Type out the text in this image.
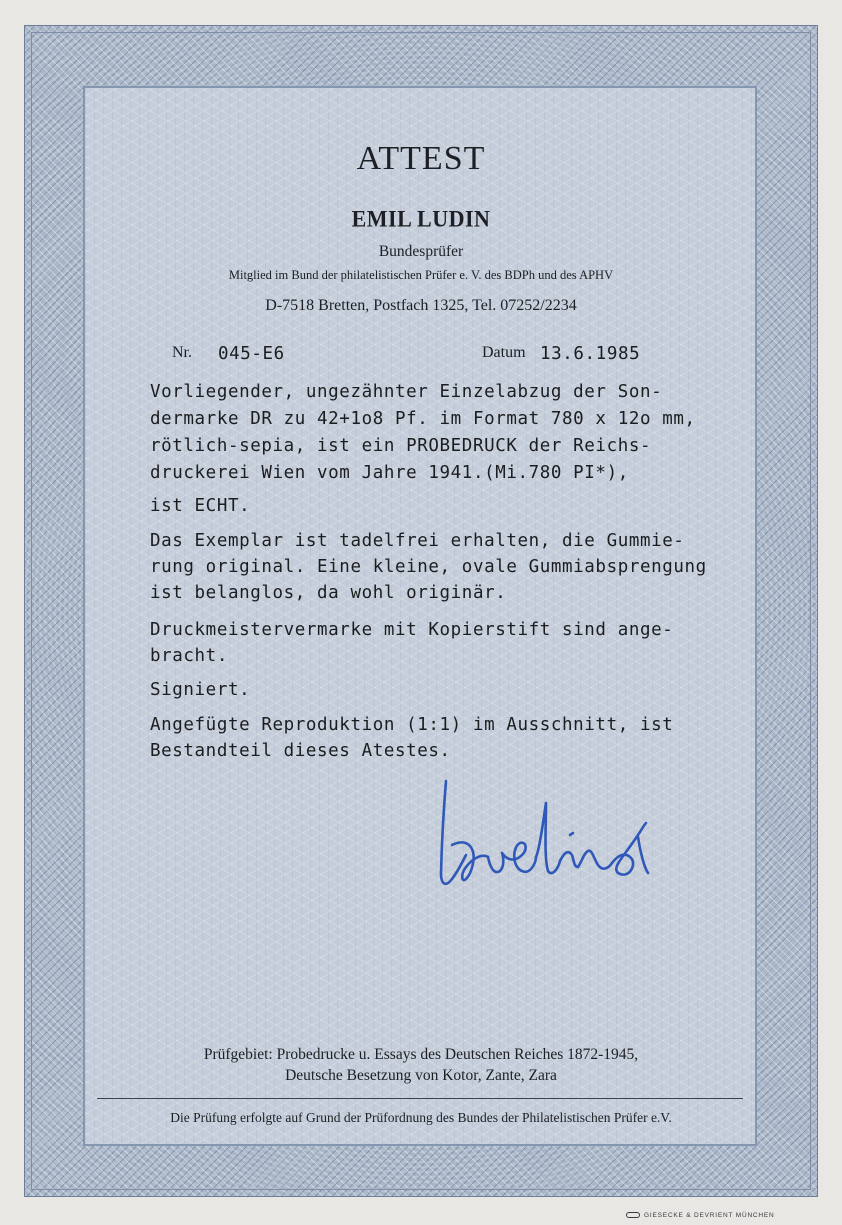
ATTEST
EMIL LUDIN
Bundesprüfer
Mitglied im Bund der philatelistischen Prüfer e. V. des BDPh und des APHV
D-7518 Bretten, Postfach 1325, Tel. 07252/2234
Nr. 045-E6	Datum 13.6.1985
Vorliegender, ungezähnter Einzelabzug der Son-
dermarke DR zu 42+1o8 Pf. im Format 780 x 12o mm,
rötlich-sepia, ist ein PROBEDRUCK der Reichs-
druckerei Wien vom Jahre 1941.(Mi.780 PI*),
ist ECHT.
Das Exemplar ist tadelfrei erhalten, die Gummie-
rung original. Eine kleine, ovale Gummiabsprengung
ist belanglos, da wohl originär.
Druckmeistervermarke mit Kopierstift sind ange-
bracht.
Signiert.
Angefügte Reproduktion (1:1) im Ausschnitt, ist
Bestandteil dieses Atestes.
Prüfgebiet: Probedrucke u. Essays des Deutschen Reiches 1872-1945,
Deutsche Besetzung von Kotor, Zante, Zara
Die Prüfung erfolgte auf Grund der Prüfordnung des Bundes der Philatelistischen Prüfer e.V.
GIESECKE & DEVRIENT MÜNCHEN
